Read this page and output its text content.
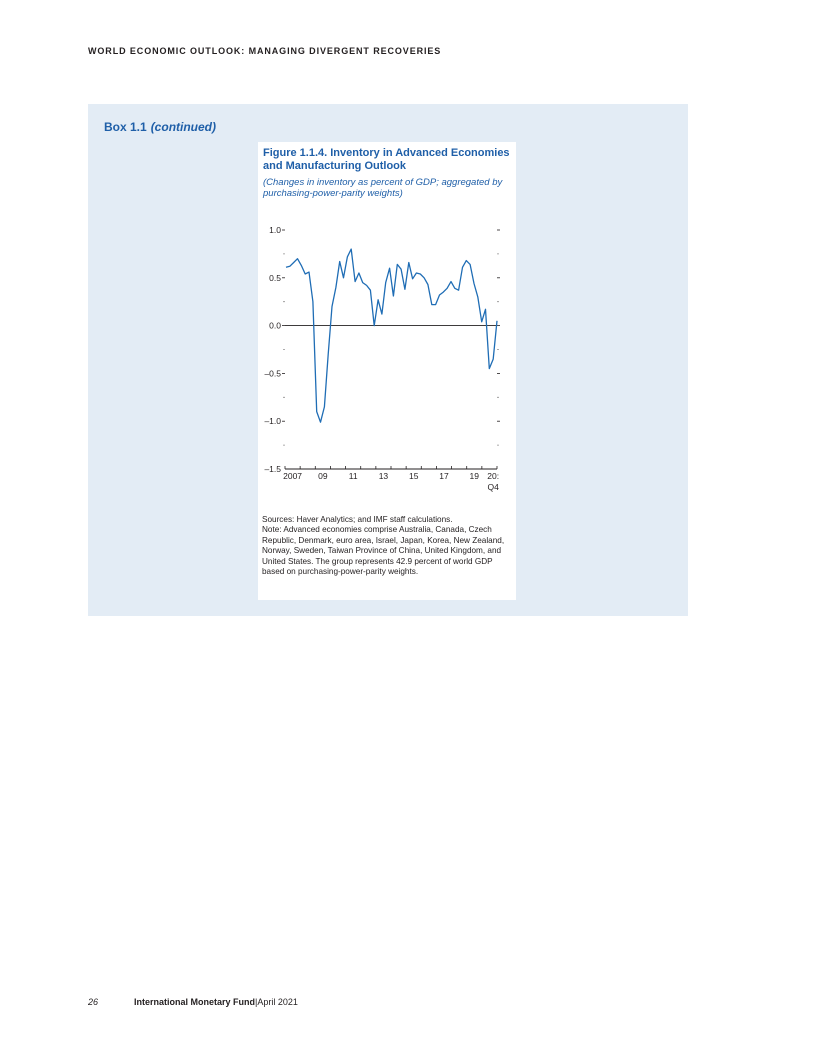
WORLD ECONOMIC OUTLOOK: MANAGING DIVERGENT RECOVERIES
Box 1.1 (continued)
Figure 1.1.4. Inventory in Advanced Economies and Manufacturing Outlook
(Changes in inventory as percent of GDP; aggregated by purchasing-power-parity weights)
1.0
0.5
0.0
–0.5
–1.0
–1.5
2007 09 11 13 15 17 19 20:
Q4

Sources: Haver Analytics; and IMF staff calculations.

Note: Advanced economies comprise Australia, Canada, Czech Republic, Denmark, euro area, Israel, Japan, Korea, New Zealand, Norway, Sweden, Taiwan Province of China, United Kingdom, and United States. The group represents 42.9 percent of world GDP based on purchasing-power-parity weights.

26	International Monetary Fund|April 2021
